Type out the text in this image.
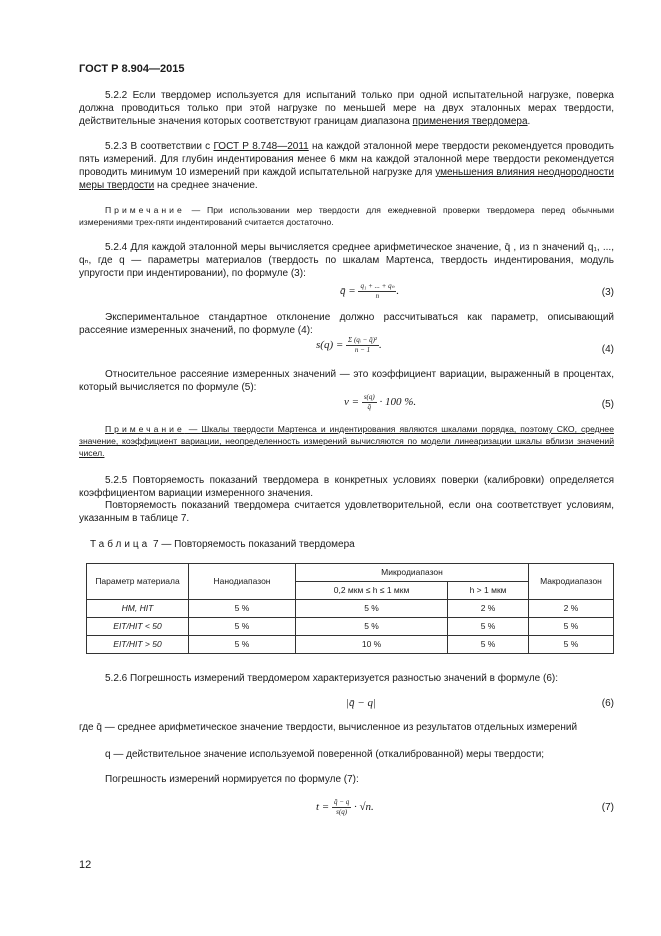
ГОСТ Р 8.904—2015
5.2.2 Если твердомер используется для испытаний только при одной испытательной нагрузке, поверка должна проводиться только при этой нагрузке по меньшей мере на двух эталонных мерах твердости, действительные значения которых соответствуют границам диапазона применения твердомера.
5.2.3 В соответствии с ГОСТ Р 8.748—2011 на каждой эталонной мере твердости рекомендуется проводить пять измерений. Для глубин индентирования менее 6 мкм на каждой эталонной мере твердости рекомендуется проводить минимум 10 измерений при каждой испытательной нагрузке для уменьшения влияния неоднородности меры твердости на среднее значение.
Примечание — При использовании мер твердости для ежедневной проверки твердомера перед обычными измерениями трех-пяти индентирований считается достаточно.
5.2.4 Для каждой эталонной меры вычисляется среднее арифметическое значение, q̄ , из n значений q₁, ..., qₙ, где q — параметры материалов (твердость по шкалам Мартенса, твердость индентирования, модуль упругости при индентировании), по формуле (3):
q̄ = $\frac{\text{q₁ + ... + qₙ}}{n}$ .	(3)
Экспериментальное стандартное отклонение должно рассчитываться как параметр, описывающий рассеяние измеренных значений, по формуле (4):
$s(q) = \frac{\text{Σ (qᵢ − q̄)²}}{n - 1}$ .	(4)
Относительное рассеяние измеренных значений — это коэффициент вариации, выраженный в процентах, который вычисляется по формуле (5):
$\nu = \frac{s(q)}{q̄} \cdot 100$ %.	(5)
Примечание — Шкалы твердости Мартенса и индентирования являются шкалами порядка, поэтому СКО, среднее значение, коэффициент вариации, неопределенность измерений вычисляются по модели линеаризации шкалы вблизи значений чисел.
5.2.5 Повторяемость показаний твердомера в конкретных условиях поверки (калибровки) определяется коэффициентом вариации измеренного значения.
Повторяемость показаний твердомера считается удовлетворительной, если она соответствует условиям, указанным в таблице 7.
Таблица 7 — Повторяемость показаний твердомера
Параметр материала	Нанодиапазон	Микродиапазон		Макродиапазон
		0,2 мкм ≤ h ≤ 1 мкм	h > 1 мкм	
HM, HIT	5 %	5 %	2 %	2 %
EIT/HIT < 50	5 %	5 %	5 %	5 %
EIT/HIT > 50	5 %	10 %	5 %	5 %
5.2.6 Погрешность измерений твердомером характеризуется разностью значений в формуле (6):
|q̄ − q|	(6)
где q̄ — среднее арифметическое значение твердости, вычисленное из результатов отдельных измерений
q — действительное значение используемой поверенной (откалиброванной) меры твердости;
Погрешность измерений нормируется по формуле (7):
$t = \frac{q̄ - q}{s(q)} \cdot √n$.	(7)
12
